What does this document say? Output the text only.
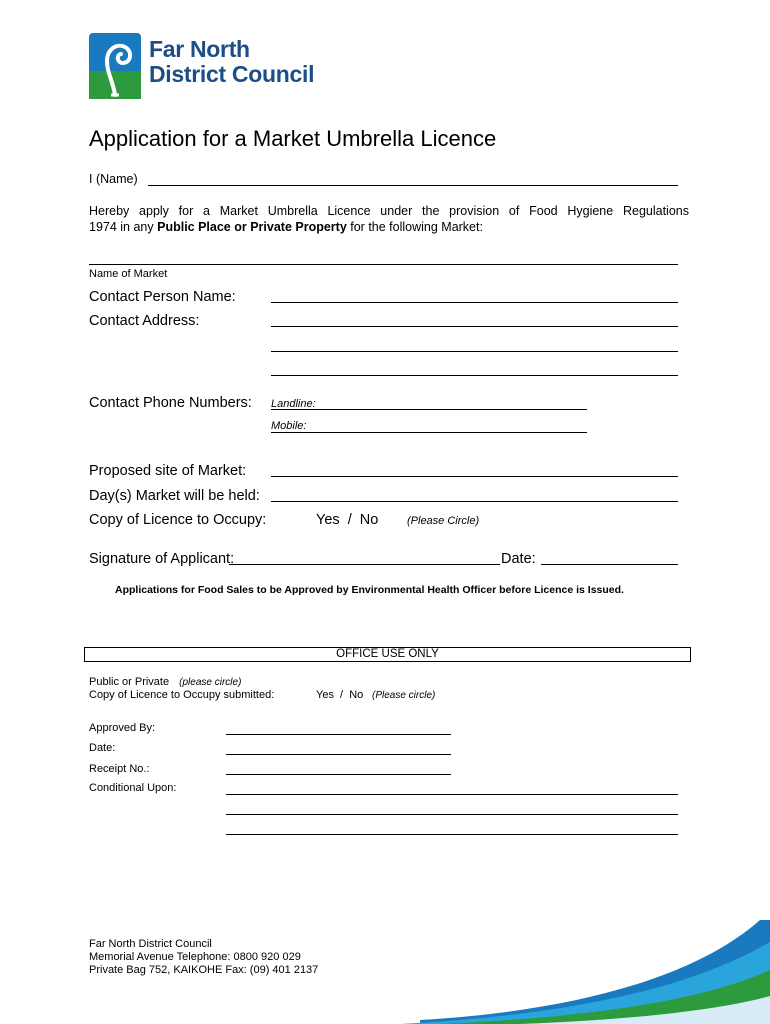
Far North
District Council
Application for a Market Umbrella Licence
I (Name)
Hereby apply for a Market Umbrella Licence under the provision of Food Hygiene Regulations
1974 in any Public Place or Private Property for the following Market:
Name of Market
Contact Person Name:
Contact Address:
Contact Phone Numbers: Landline:
Mobile:
Proposed site of Market:
Day(s) Market will be held:
Copy of Licence to Occupy:	Yes  /  No	(Please Circle)
Signature of Applicant:	Date:
Applications for Food Sales to be Approved by Environmental Health Officer before Licence is Issued.
OFFICE USE ONLY
Public or Private (please circle)
Copy of Licence to Occupy submitted:	Yes  /  No (Please circle)
Approved By:
Date:
Receipt No.:
Conditional Upon:
Far North District Council
Memorial Avenue Telephone: 0800 920 029
Private Bag 752, KAIKOHE Fax: (09) 401 2137
